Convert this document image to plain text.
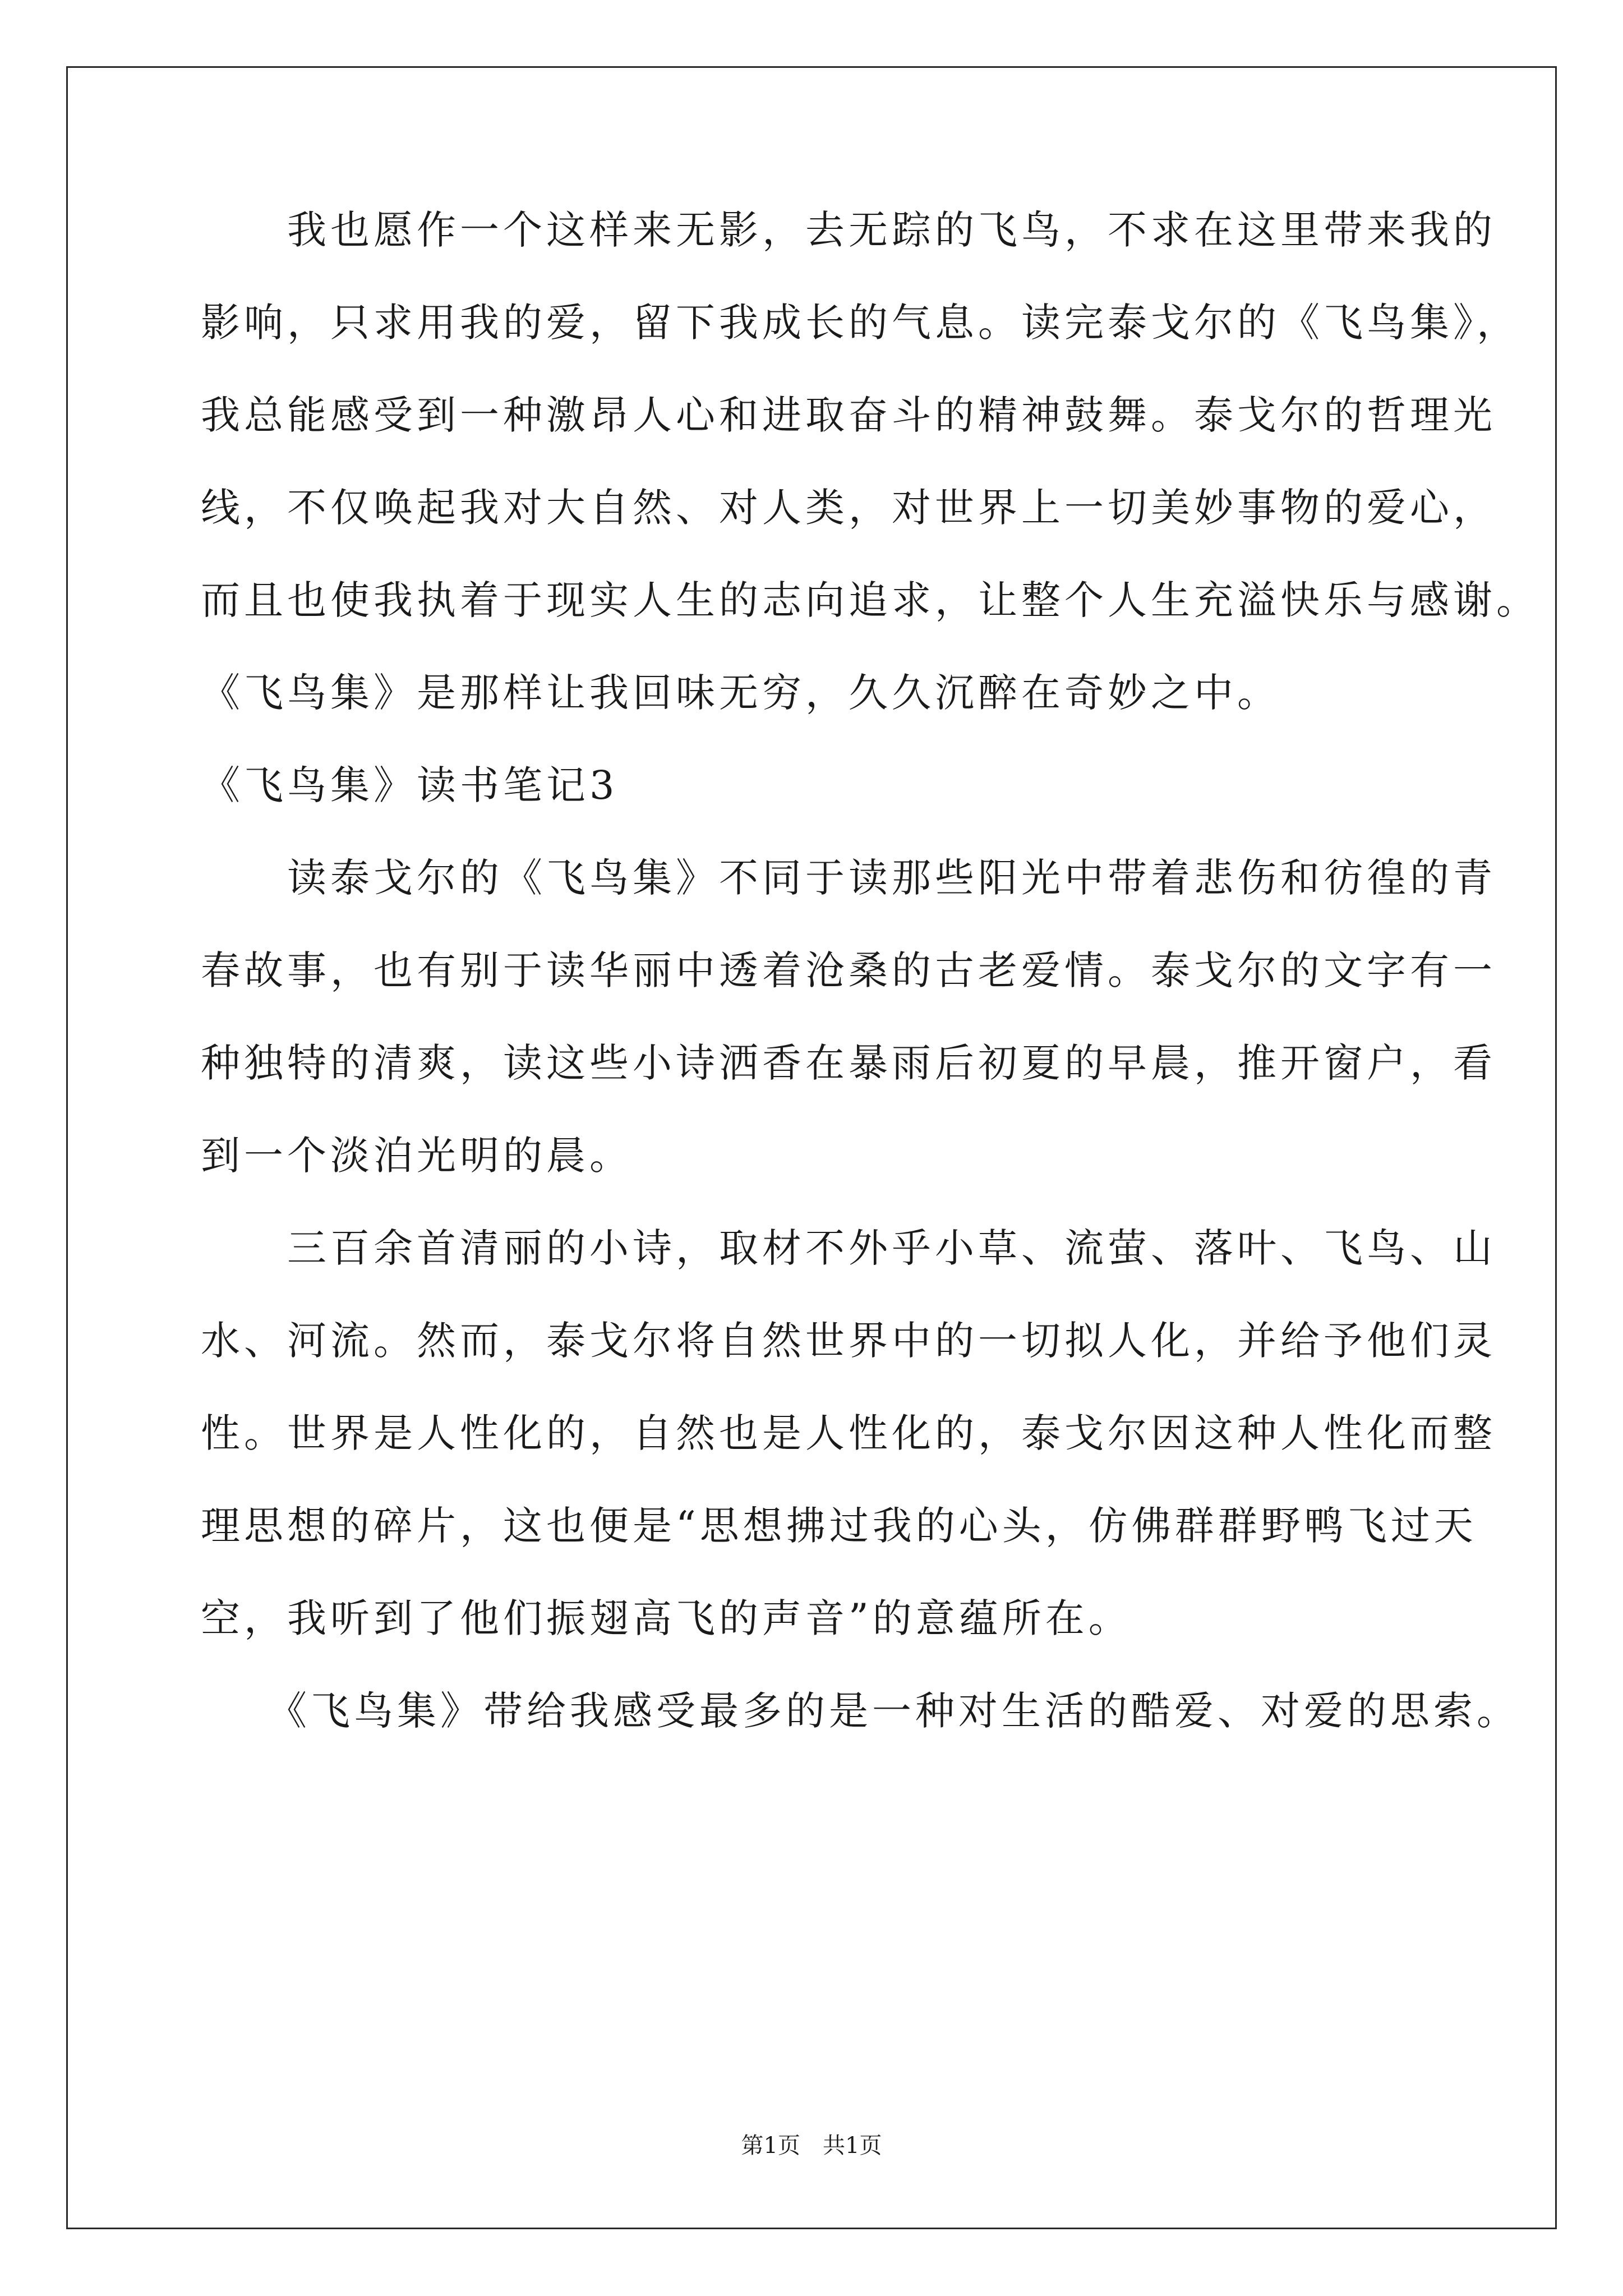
　　我也愿作一个这样来无影，去无踪的飞鸟，不求在这里带来我的
影响，只求用我的爱，留下我成长的气息。读完泰戈尔的《飞鸟集》，
我总能感受到一种激昂人心和进取奋斗的精神鼓舞。泰戈尔的哲理光
线，不仅唤起我对大自然、对人类，对世界上一切美妙事物的爱心，
而且也使我执着于现实人生的志向追求，让整个人生充溢快乐与感谢。
《飞鸟集》是那样让我回味无穷，久久沉醉在奇妙之中。
《飞鸟集》读书笔记3
　　读泰戈尔的《飞鸟集》不同于读那些阳光中带着悲伤和彷徨的青
春故事，也有别于读华丽中透着沧桑的古老爱情。泰戈尔的文字有一
种独特的清爽，读这些小诗洒香在暴雨后初夏的早晨，推开窗户，看
到一个淡泊光明的晨。
　　三百余首清丽的小诗，取材不外乎小草、流萤、落叶、飞鸟、山
水、河流。然而，泰戈尔将自然世界中的一切拟人化，并给予他们灵
性。世界是人性化的，自然也是人性化的，泰戈尔因这种人性化而整
理思想的碎片，这也便是“思想拂过我的心头，仿佛群群野鸭飞过天
空，我听到了他们振翅高飞的声音”的意蕴所在。
　　《飞鸟集》带给我感受最多的是一种对生活的酷爱、对爱的思索。
第1页　共1页
